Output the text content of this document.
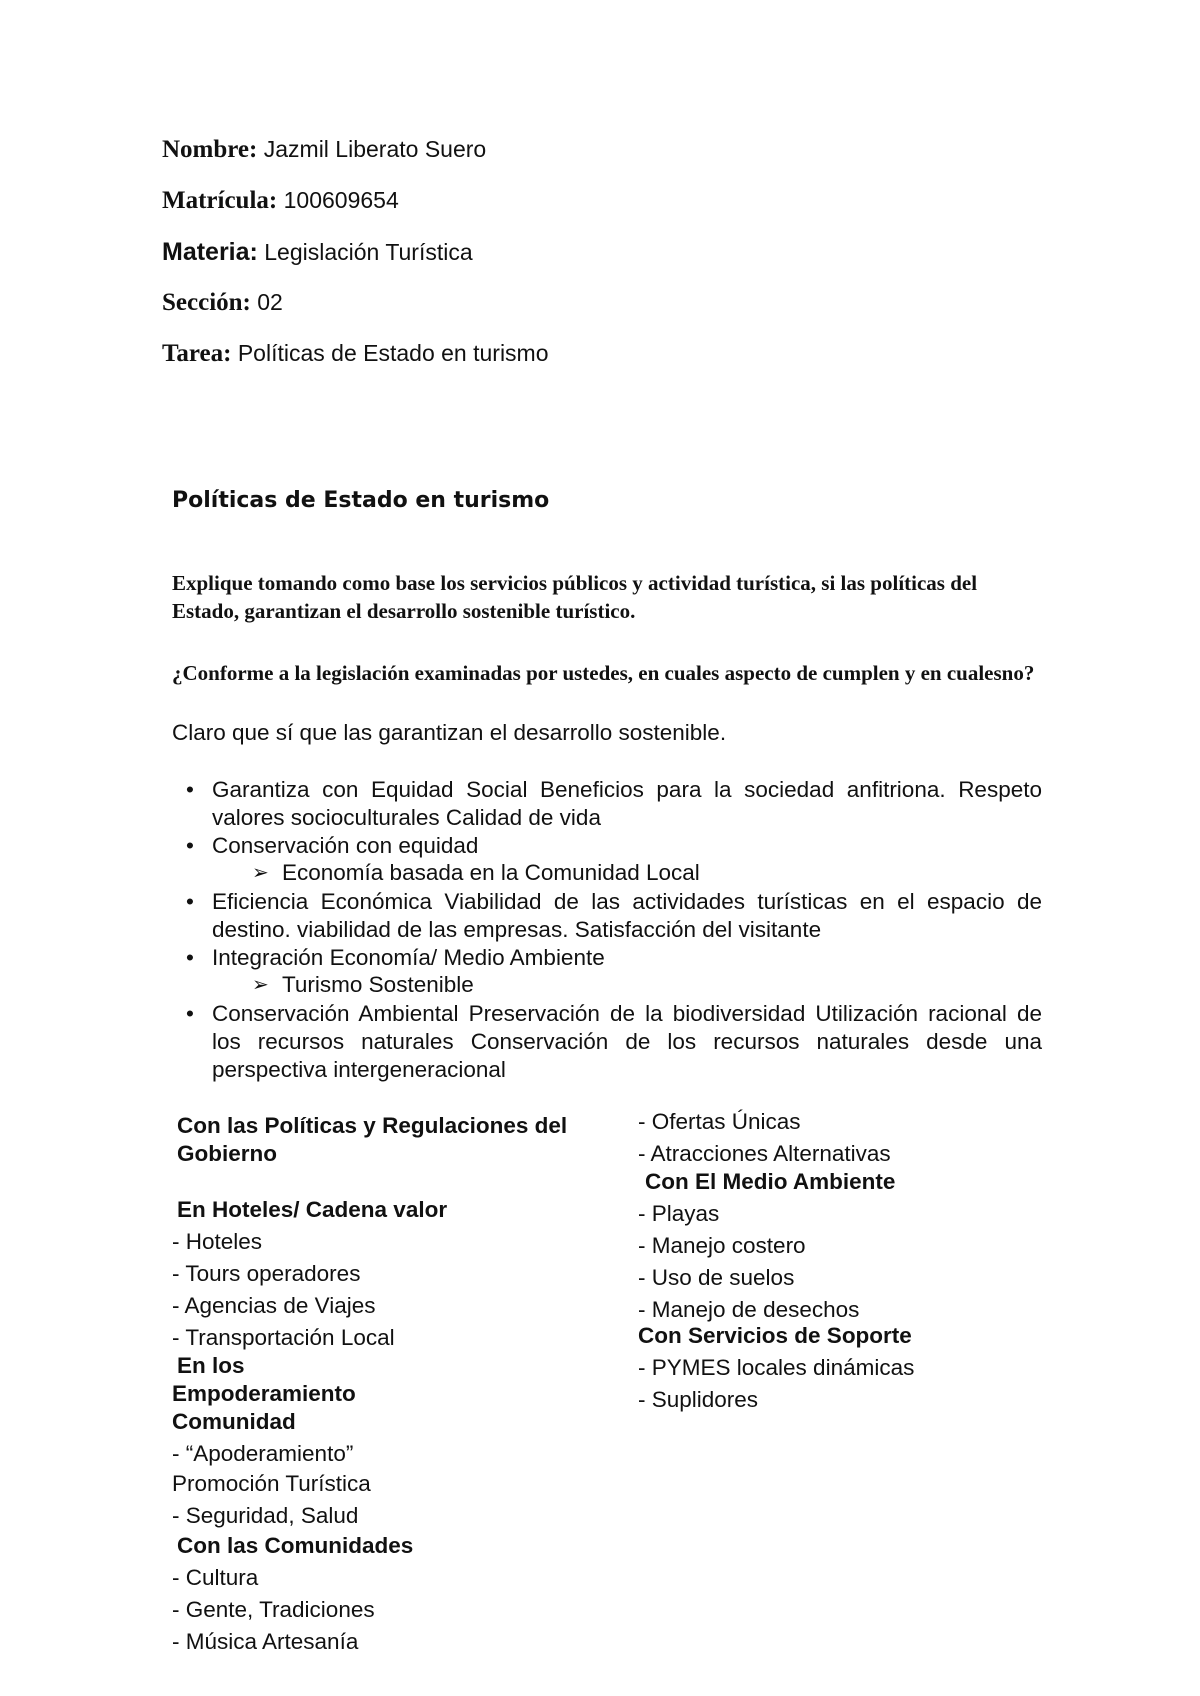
Nombre: Jazmil Liberato Suero
Matrícula: 100609654
Materia: Legislación Turística
Sección: 02
Tarea: Políticas de Estado en turismo
Políticas de Estado en turismo
Explique tomando como base los servicios públicos y actividad turística, si las políticas del Estado, garantizan el desarrollo sostenible turístico.
¿Conforme a la legislación examinadas por ustedes, en cuales aspecto de cumplen y en cualesno?
Claro que sí que las garantizan el desarrollo sostenible.
• Garantiza con Equidad Social Beneficios para la sociedad anfitriona. Respeto valores socioculturales Calidad de vida
• Conservación con equidad
➢ Economía basada en la Comunidad Local
• Eficiencia Económica Viabilidad de las actividades turísticas en el espacio de destino. viabilidad de las empresas. Satisfacción del visitante
• Integración Economía/ Medio Ambiente
➢ Turismo Sostenible
• Conservación Ambiental Preservación de la biodiversidad Utilización racional de los recursos naturales Conservación de los recursos naturales desde una perspectiva intergeneracional
Con las Políticas y Regulaciones del
Gobierno
En Hoteles/ Cadena valor
- Hoteles
- Tours operadores
- Agencias de Viajes
- Transportación Local
En los
Empoderamiento
Comunidad
- “Apoderamiento”
Promoción Turística
- Seguridad, Salud
Con las Comunidades
- Cultura
- Gente, Tradiciones
- Música Artesanía
- Ofertas Únicas
- Atracciones Alternativas
Con El Medio Ambiente
- Playas
- Manejo costero
- Uso de suelos
- Manejo de desechos
Con Servicios de Soporte
- PYMES locales dinámicas
- Suplidores
